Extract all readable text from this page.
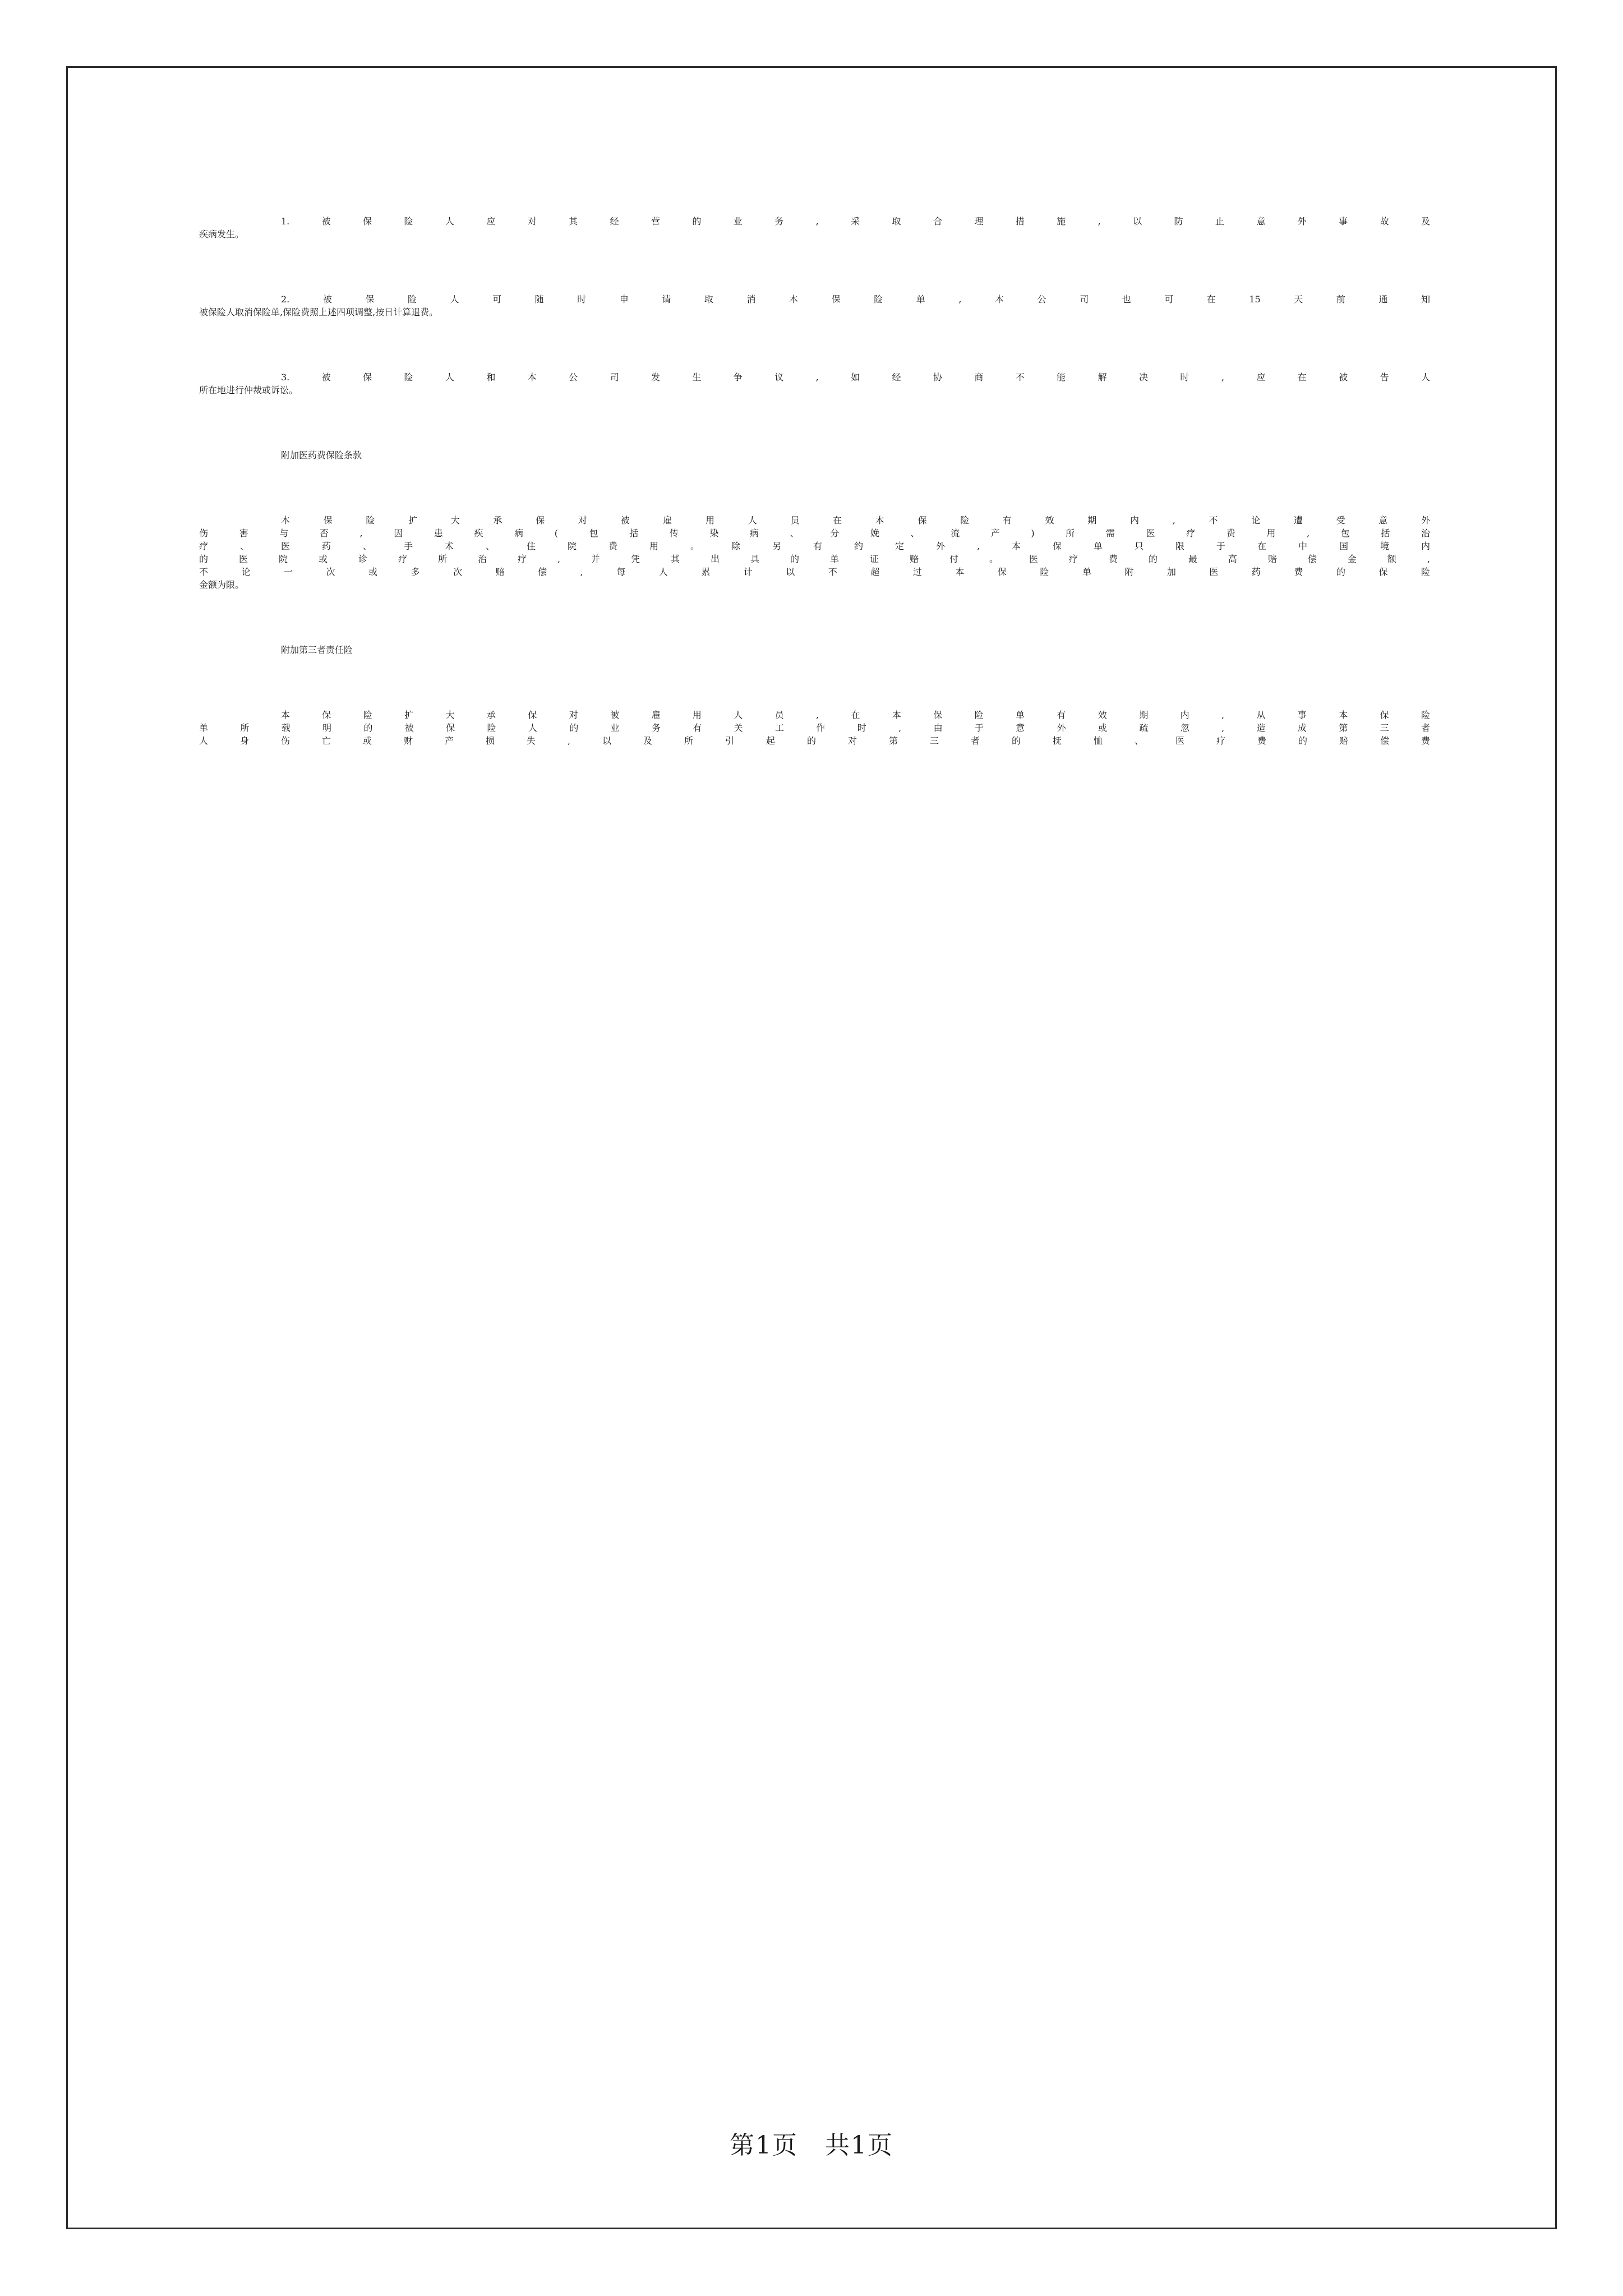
1.被保险人应对其经营的业务,采取合理措施,以防止意外事故及
疾病发生。
2.被保险人可随时申请取消本保险单,本公司也可在15天前通知
被保险人取消保险单,保险费照上述四项调整,按日计算退费。
3.被保险人和本公司发生争议,如经协商不能解决时,应在被告人
所在地进行仲裁或诉讼。
附加医药费保险条款
本保险扩大承保对被雇用人员在本保险有效期内,不论遭受意外
伤害与否,因患疾病(包括传染病、分娩、流产)所需医疗费用,包括治
疗、医药、手术、住院费用。除另有约定外,本保单只限于在中国境内
的医院或诊疗所治疗,并凭其出具的单证赔付。医疗费的最高赔偿金额,
不论一次或多次赔偿,每人累计以不超过本保险单附加医药费的保险
金额为限。
附加第三者责任险
本保险扩大承保对被雇用人员,在本保险单有效期内,从事本保险
单所载明的被保险人的业务有关工作时,由于意外或疏忽,造成第三者
人身伤亡或财产损失,以及所引起的对第三者的抚恤、医疗费的赔偿费
第1页 共1页
